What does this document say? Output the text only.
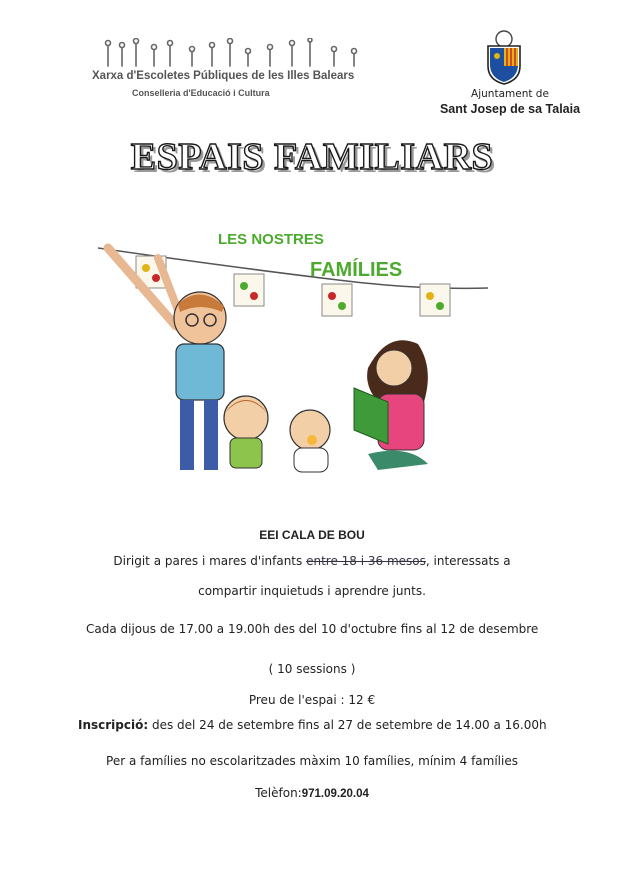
Xarxa d'Escoletes Públiques de les Illes Balears
Conselleria d'Educació i Cultura	Ajuntament de
Sant Josep de sa Talaia
ESPAIS FAMILIARS
LES NOSTRES
FAMÍLIES
EEI CALA DE BOU
Dirigit a pares i mares d'infants entre 18 i 36 mesos, interessats a
compartir inquietuds i aprendre junts.
Cada dijous de 17.00 a 19.00h des del 10 d'octubre fins al 12 de desembre
( 10 sessions )
Preu de l'espai : 12 €
Inscripció: des del 24 de setembre fins al 27 de setembre de 14.00 a 16.00h
Per a famílies no escolaritzades màxim 10 famílies, mínim 4 famílies
Telèfon:971.09.20.04
